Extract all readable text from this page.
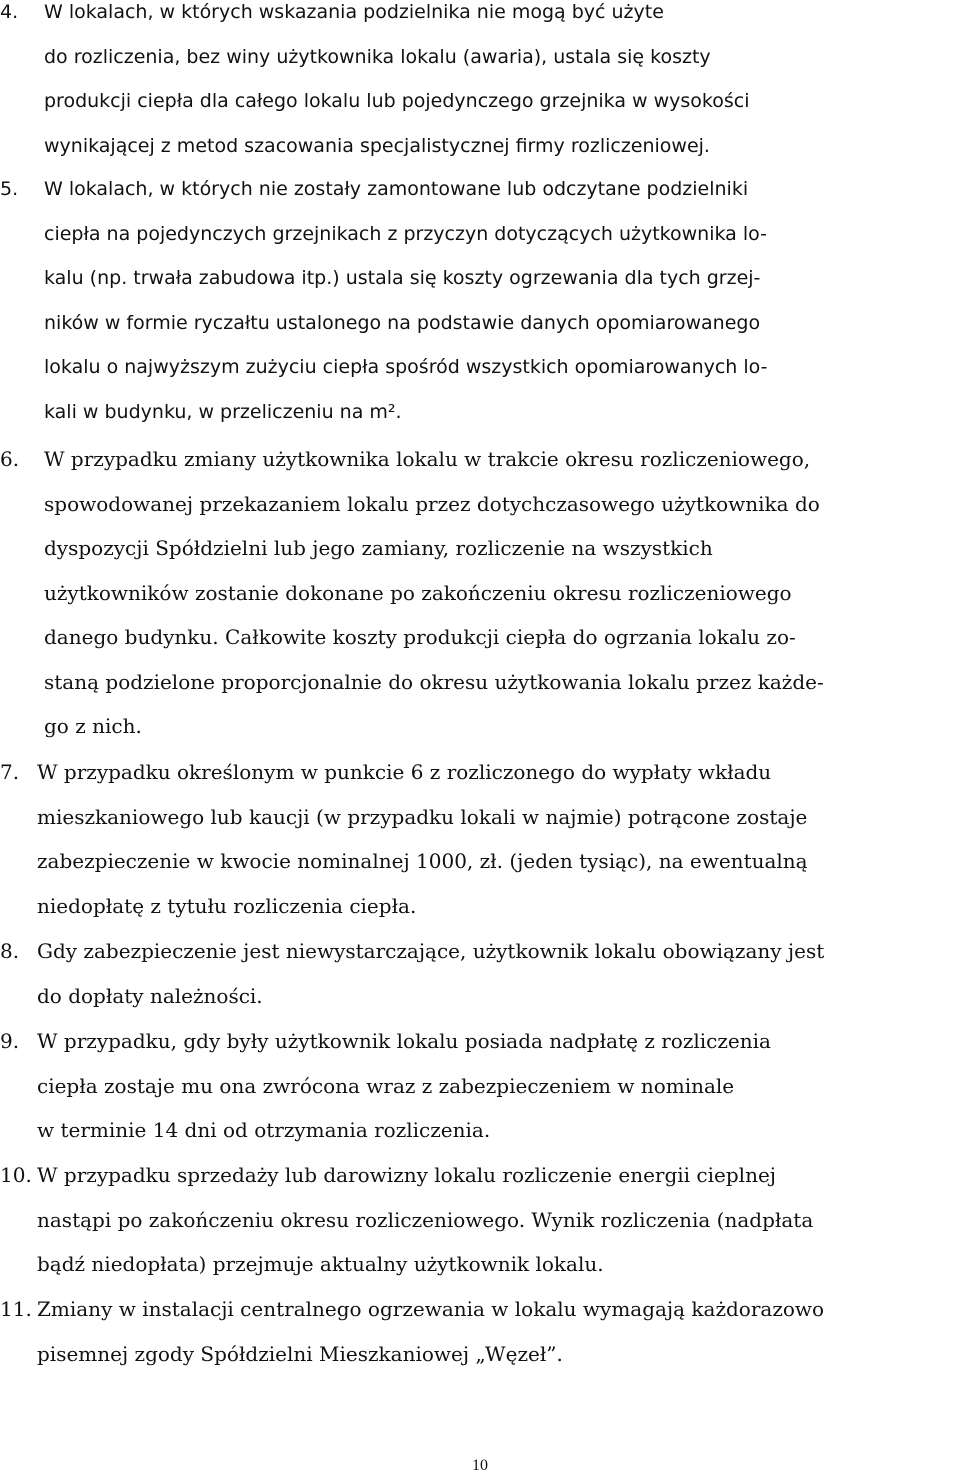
4. W lokalach, w których wskazania podzielnika nie mogą być użyte
do rozliczenia, bez winy użytkownika lokalu (awaria), ustala się koszty
produkcji ciepła dla całego lokalu lub pojedynczego grzejnika w wysokości
wynikającej z metod szacowania specjalistycznej firmy rozliczeniowej.
5. W lokalach, w których nie zostały zamontowane lub odczytane podzielniki
ciepła na pojedynczych grzejnikach z przyczyn dotyczących użytkownika lo-
kalu (np. trwała zabudowa itp.) ustala się koszty ogrzewania dla tych grzej-
ników w formie ryczałtu ustalonego na podstawie danych opomiarowanego
lokalu o najwyższym zużyciu ciepła spośród wszystkich opomiarowanych lo-
kali w budynku, w przeliczeniu na m².
6. W przypadku zmiany użytkownika lokalu w trakcie okresu rozliczeniowego,
spowodowanej przekazaniem lokalu przez dotychczasowego użytkownika do
dyspozycji Spółdzielni lub jego zamiany, rozliczenie na wszystkich
użytkowników zostanie dokonane po zakończeniu okresu rozliczeniowego
danego budynku. Całkowite koszty produkcji ciepła do ogrzania lokalu zo-
staną podzielone proporcjonalnie do okresu użytkowania lokalu przez każde-
go z nich.
7. W przypadku określonym w punkcie 6 z rozliczonego do wypłaty wkładu
mieszkaniowego lub kaucji (w przypadku lokali w najmie) potrącone zostaje
zabezpieczenie w kwocie nominalnej 1000, zł. (jeden tysiąc), na ewentualną
niedopłatę z tytułu rozliczenia ciepła.
8. Gdy zabezpieczenie jest niewystarczające, użytkownik lokalu obowiązany jest
do dopłaty należności.
9. W przypadku, gdy były użytkownik lokalu posiada nadpłatę z rozliczenia
ciepła zostaje mu ona zwrócona wraz z zabezpieczeniem w nominale
w terminie 14 dni od otrzymania rozliczenia.
10. W przypadku sprzedaży lub darowizny lokalu rozliczenie energii cieplnej
nastąpi po zakończeniu okresu rozliczeniowego. Wynik rozliczenia (nadpłata
bądź niedopłata) przejmuje aktualny użytkownik lokalu.
11. Zmiany w instalacji centralnego ogrzewania w lokalu wymagają każdorazowo
pisemnej zgody Spółdzielni Mieszkaniowej „Węzeł”.
10
